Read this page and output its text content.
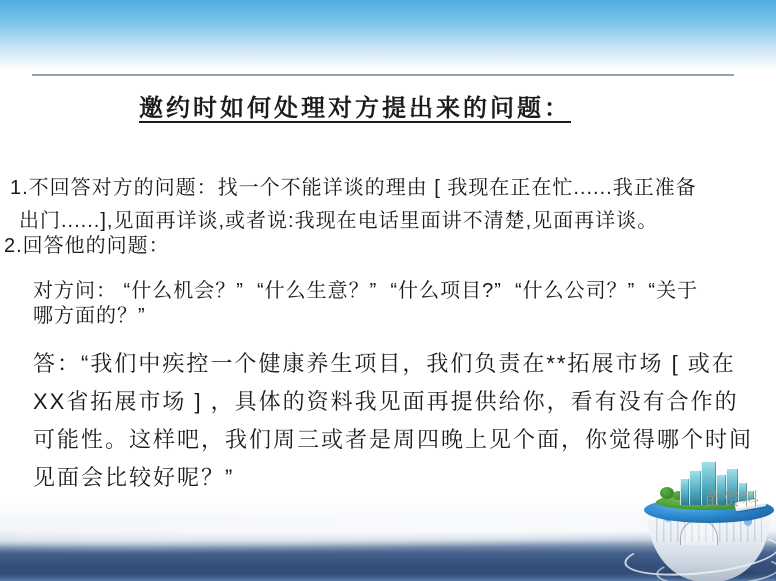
邀约时如何处理对方提出来的问题：
1.不回答对方的问题：找一个不能详谈的理由 [ 我现在正在忙......我正准备
出门......],见面再详谈,或者说:我现在电话里面讲不清楚,见面再详谈。
2.回答他的问题：
对方问： “什么机会？”  “什么生意？”  “什么项目?”  “什么公司？”  “关于
哪方面的？”
答：“我们中疾控一个健康养生项目，我们负责在**拓展市场 [ 或在
XX省拓展市场 ] ，具体的资料我见面再提供给你，看有没有合作的
可能性。这样吧，我们周三或者是周四晚上见个面，你觉得哪个时间
见面会比较好呢？”
苗资料
